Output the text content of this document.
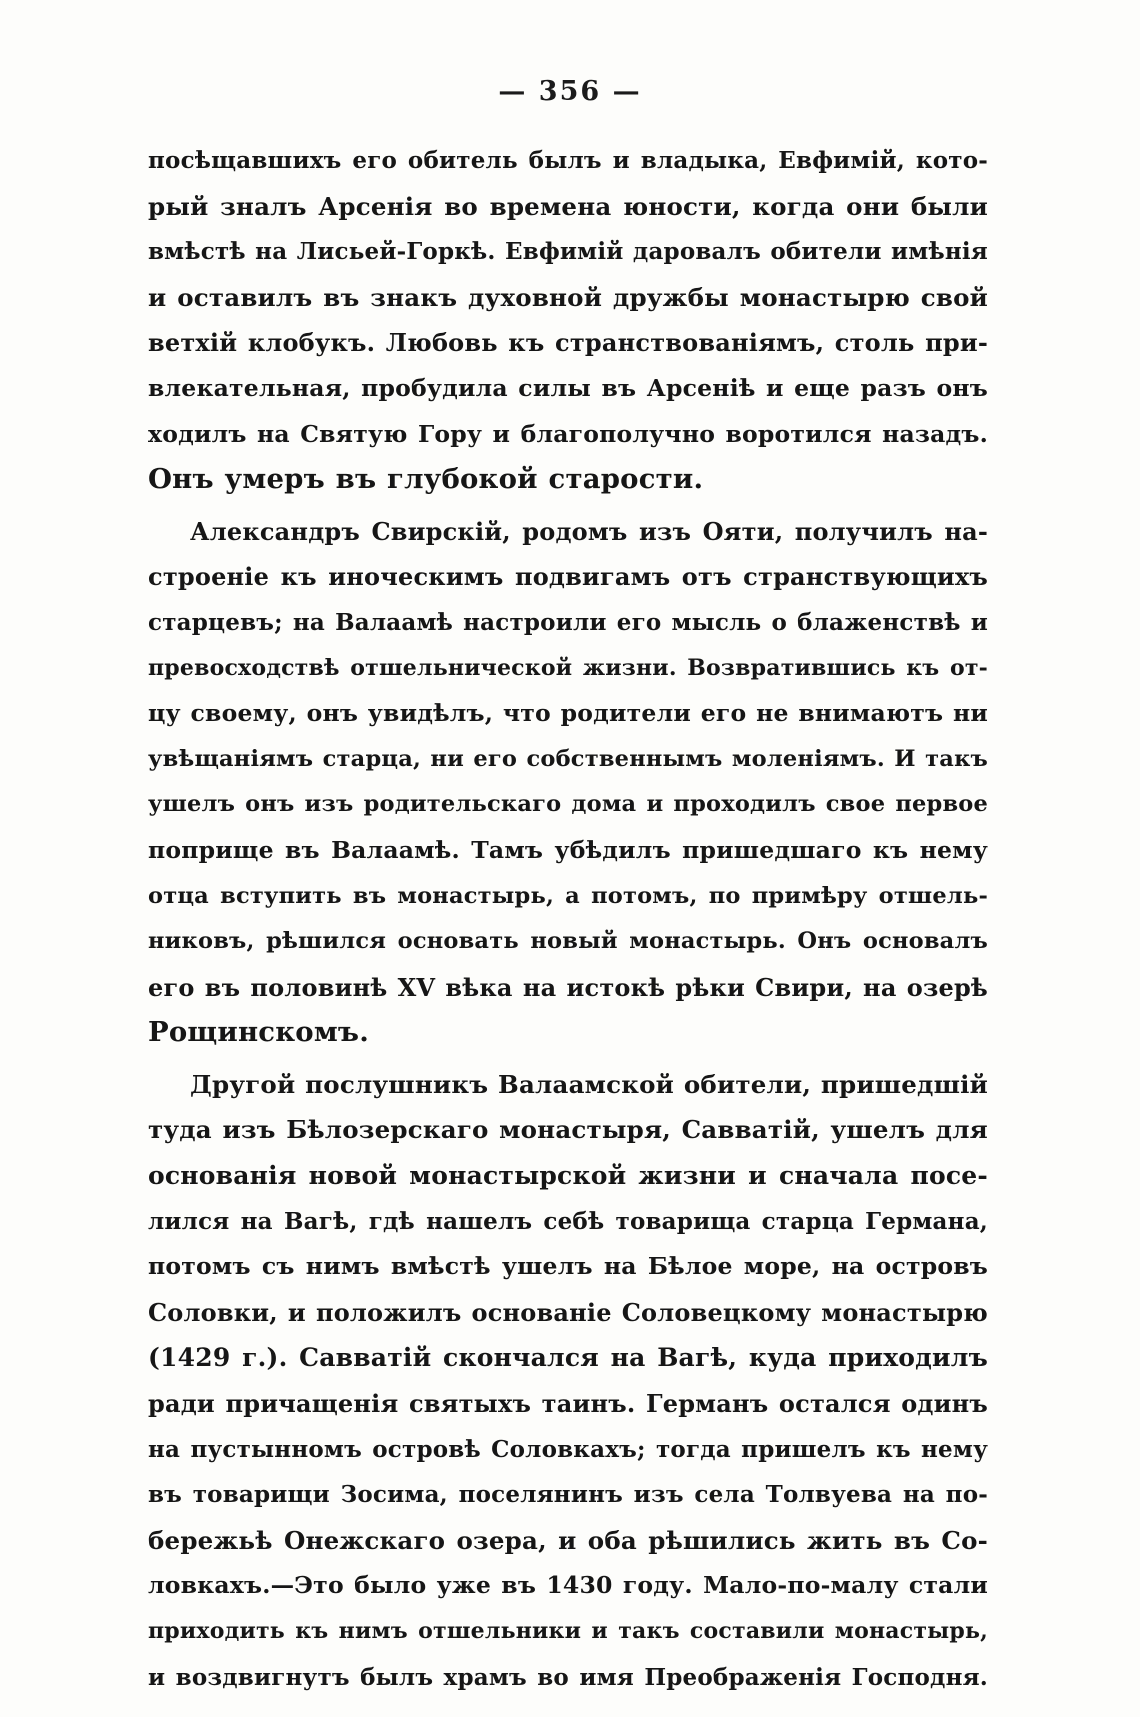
— 356 —
посѣщавшихъ его обитель былъ и владыка, Евфимій, кото-
рый зналъ Арсенія во времена юности, когда они были
вмѣстѣ на Лисьей-Горкѣ. Евфимій даровалъ обители имѣнія
и оставилъ въ знакъ духовной дружбы монастырю свой
ветхій клобукъ. Любовь къ странствованіямъ, столь при-
влекательная, пробудила силы въ Арсеніѣ и еще разъ онъ
ходилъ на Святую Гору и благополучно воротился назадъ.
Онъ умеръ въ глубокой старости.
Александръ Свирскій, родомъ изъ Ояти, получилъ на-
строеніе къ иноческимъ подвигамъ отъ странствующихъ
старцевъ; на Валаамѣ настроили его мысль о блаженствѣ и
превосходствѣ отшельнической жизни. Возвратившись къ от-
цу своему, онъ увидѣлъ, что родители его не внимаютъ ни
увѣщаніямъ старца, ни его собственнымъ моленіямъ. И такъ
ушелъ онъ изъ родительскаго дома и проходилъ свое первое
поприще въ Валаамѣ. Тамъ убѣдилъ пришедшаго къ нему
отца вступить въ монастырь, а потомъ, по примѣру отшель-
никовъ, рѣшился основать новый монастырь. Онъ основалъ
его въ половинѣ XV вѣка на истокѣ рѣки Свири, на озерѣ
Рощинскомъ.
Другой послушникъ Валаамской обители, пришедшій
туда изъ Бѣлозерскаго монастыря, Савватій, ушелъ для
основанія новой монастырской жизни и сначала посе-
лился на Вагѣ, гдѣ нашелъ себѣ товарища старца Германа,
потомъ съ нимъ вмѣстѣ ушелъ на Бѣлое море, на островъ
Соловки, и положилъ основаніе Соловецкому монастырю
(1429 г.). Савватій скончался на Вагѣ, куда приходилъ
ради причащенія святыхъ таинъ. Германъ остался одинъ
на пустынномъ островѣ Соловкахъ; тогда пришелъ къ нему
въ товарищи Зосима, поселянинъ изъ села Толвуева на по-
бережьѣ Онежскаго озера, и оба рѣшились жить въ Со-
ловкахъ.—Это было уже въ 1430 году. Мало-по-малу стали
приходить къ нимъ отшельники и такъ составили монастырь,
и воздвигнутъ былъ храмъ во имя Преображенія Господня.
